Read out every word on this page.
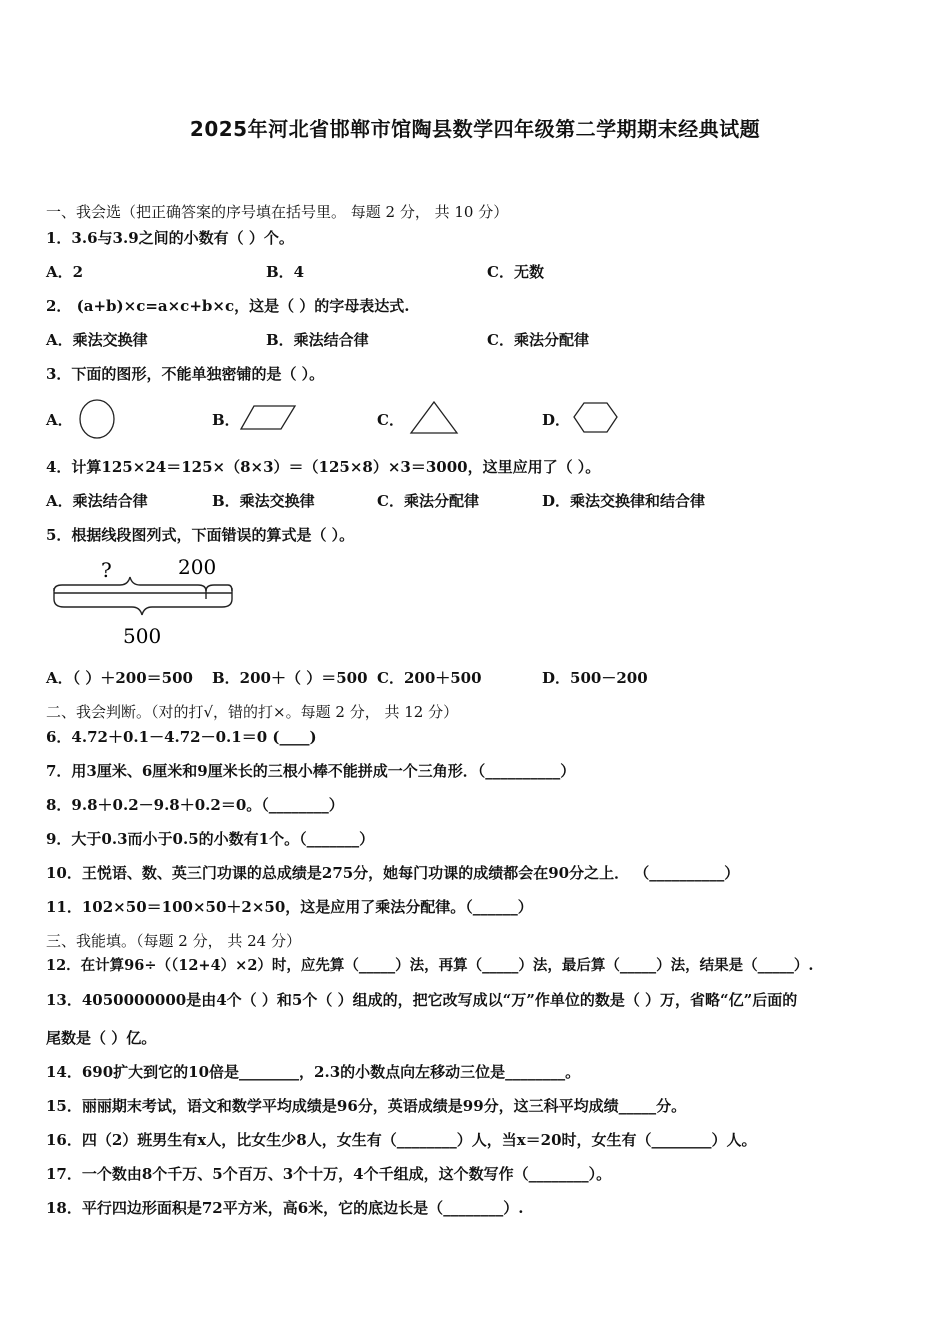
2025年河北省邯郸市馆陶县数学四年级第二学期期末经典试题
一、我会选（把正确答案的序号填在括号里。 每题 2 分， 共 10 分）
1．3.6与3.9之间的小数有（ ）个。
A．2	B．4	C．无数
2． (a+b)×c=a×c+b×c，这是（ ）的字母表达式.
A．乘法交换律	B．乘法结合律	C．乘法分配律
3．下面的图形，不能单独密铺的是（ ）。
A．	B．	C．	D．
4．计算125×24＝125×（8×3）＝（125×8）×3＝3000，这里应用了（ ）。
A．乘法结合律	B．乘法交换律	C．乘法分配律	D．乘法交换律和结合律
5．根据线段图列式，下面错误的算式是（ ）。
?	200
500
A．（ ）＋200＝500 B．200＋（ ）＝500 C．200＋500	D．500－200
二、我会判断。（对的打√，错的打×。每题 2 分， 共 12 分）
6．4.72＋0.1－4.72－0.1＝0 (____)
7．用3厘米、6厘米和9厘米长的三根小棒不能拼成一个三角形．（__________）
8．9.8＋0.2－9.8＋0.2＝0。（________）
9．大于0.3而小于0.5的小数有1个。（_______）
10．王悦语、数、英三门功课的总成绩是275分，她每门功课的成绩都会在90分之上． （__________）
11．102×50＝100×50＋2×50，这是应用了乘法分配律。（______）
三、我能填。（每题 2 分， 共 24 分）
12．在计算96÷（（12+4）×2）时，应先算（_____）法，再算（_____）法，最后算（_____）法，结果是（_____）.
13．4050000000是由4个（ ）和5个（ ）组成的，把它改写成以“万”作单位的数是（ ）万，省略“亿”后面的
尾数是（ ）亿。
14．690扩大到它的10倍是________，2.3的小数点向左移动三位是________。
15．丽丽期末考试，语文和数学平均成绩是96分，英语成绩是99分，这三科平均成绩_____分。
16．四（2）班男生有x人，比女生少8人，女生有（________）人，当x＝20时，女生有（________）人。
17．一个数由8个千万、5个百万、3个十万，4个千组成，这个数写作（________）。
18．平行四边形面积是72平方米，高6米，它的底边长是（________）.
